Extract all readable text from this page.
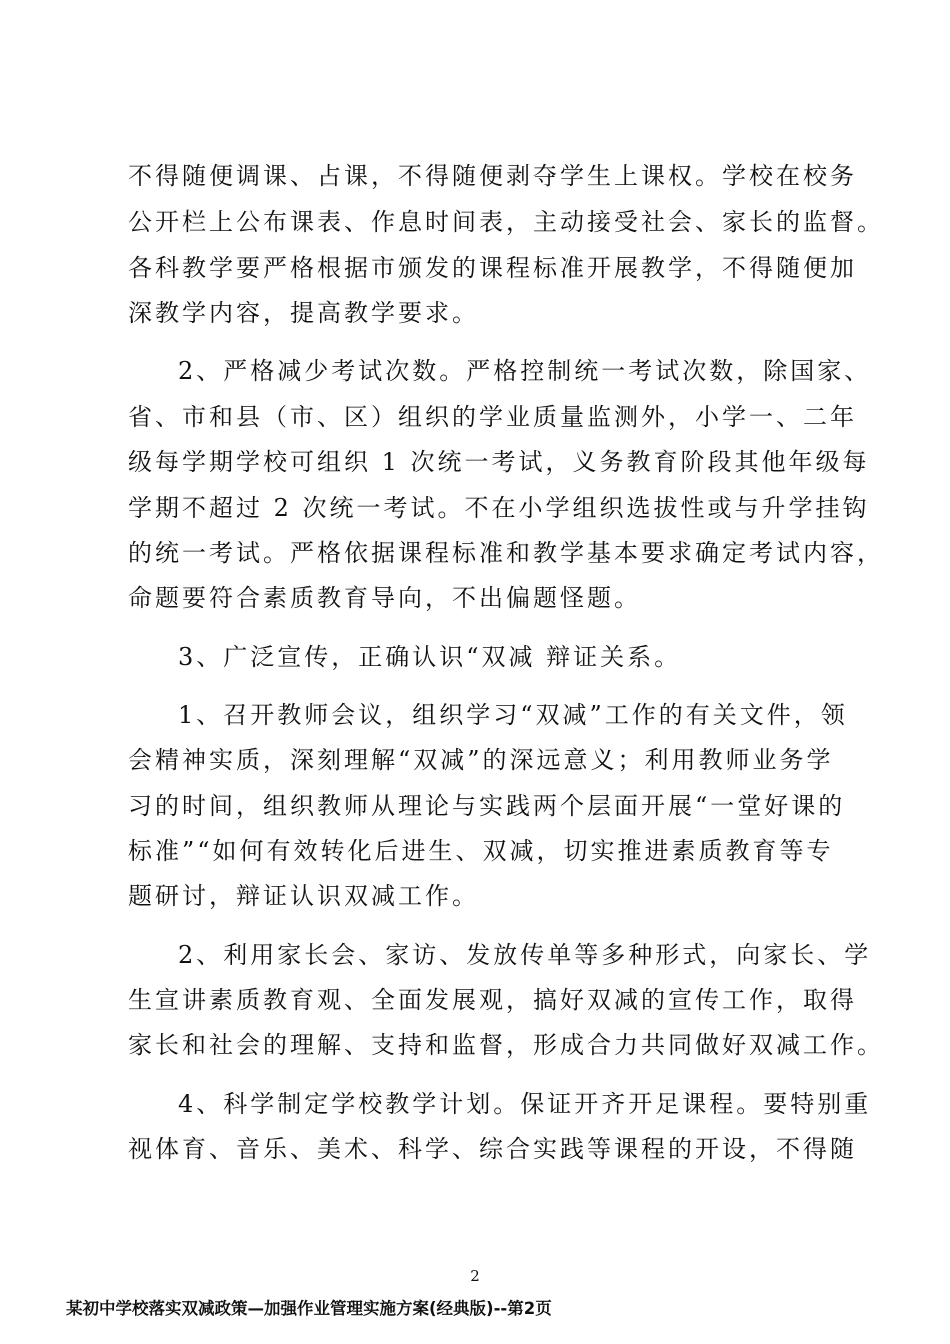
不得随便调课、占课，不得随便剥夺学生上课权。学校在校务
公开栏上公布课表、作息时间表，主动接受社会、家长的监督。
各科教学要严格根据市颁发的课程标准开展教学，不得随便加
深教学内容，提高教学要求。
2、严格减少考试次数。严格控制统一考试次数，除国家、
省、市和县（市、区）组织的学业质量监测外，小学一、二年
级每学期学校可组织 1 次统一考试，义务教育阶段其他年级每
学期不超过 2 次统一考试。不在小学组织选拔性或与升学挂钩
的统一考试。严格依据课程标准和教学基本要求确定考试内容，
命题要符合素质教育导向，不出偏题怪题。
3、广泛宣传，正确认识“双减 辩证关系。
1、召开教师会议，组织学习“双减”工作的有关文件，领
会精神实质，深刻理解“双减”的深远意义；利用教师业务学
习的时间，组织教师从理论与实践两个层面开展“一堂好课的
标准”“如何有效转化后进生、双减，切实推进素质教育等专
题研讨，辩证认识双减工作。
2、利用家长会、家访、发放传单等多种形式，向家长、学
生宣讲素质教育观、全面发展观，搞好双减的宣传工作，取得
家长和社会的理解、支持和监督，形成合力共同做好双减工作。
4、科学制定学校教学计划。保证开齐开足课程。要特别重
视体育、音乐、美术、科学、综合实践等课程的开设，不得随
2
某初中学校落实双减政策—加强作业管理实施方案(经典版)--第2页
